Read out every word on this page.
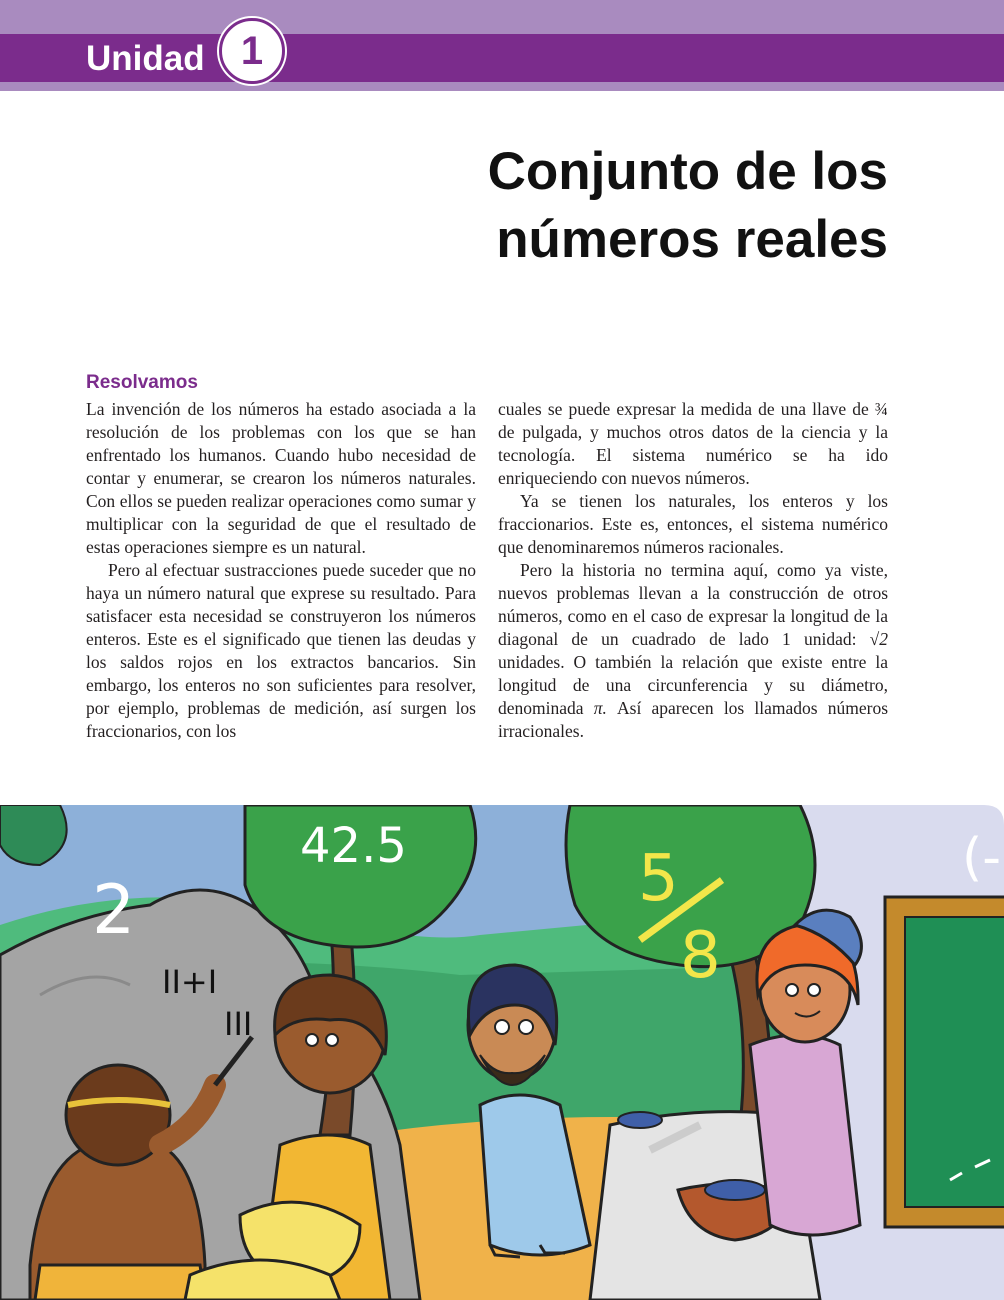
Unidad 1
Conjunto de los
números reales
Resolvamos

La invención de los números ha estado asociada a la resolución de los problemas con los que se han enfrentado los humanos. Cuando hubo necesidad de contar y enumerar, se crearon los números naturales. Con ellos se pueden realizar operaciones como sumar y multiplicar con la seguridad de que el resultado de estas operaciones siempre es un natural.

Pero al efectuar sustracciones puede suceder que no haya un número natural que exprese su resultado. Para satisfacer esta necesidad se construyeron los números enteros. Este es el significado que tienen las deudas y los saldos rojos en los extractos bancarios. Sin embargo, los enteros no son suficientes para resolver, por ejemplo, problemas de medición, así surgen los fraccionarios, con los

cuales se puede expresar la medida de una llave de ¾ de pulgada, y muchos otros datos de la ciencia y la tecnología. El sistema numérico se ha ido enriqueciendo con nuevos números.

Ya se tienen los naturales, los enteros y los fraccionarios. Este es, entonces, el sistema numérico que denominaremos números racionales.

Pero la historia no termina aquí, como ya viste, nuevos problemas llevan a la construcción de otros números, como en el caso de expresar la longitud de la diagonal de un cuadrado de lado 1 unidad: √2 unidades. O también la relación que existe entre la longitud de una circunferencia y su diámetro, denominada π. Así aparecen los llamados números irracionales.

2
42.5	5
8
(-
II+I
III
